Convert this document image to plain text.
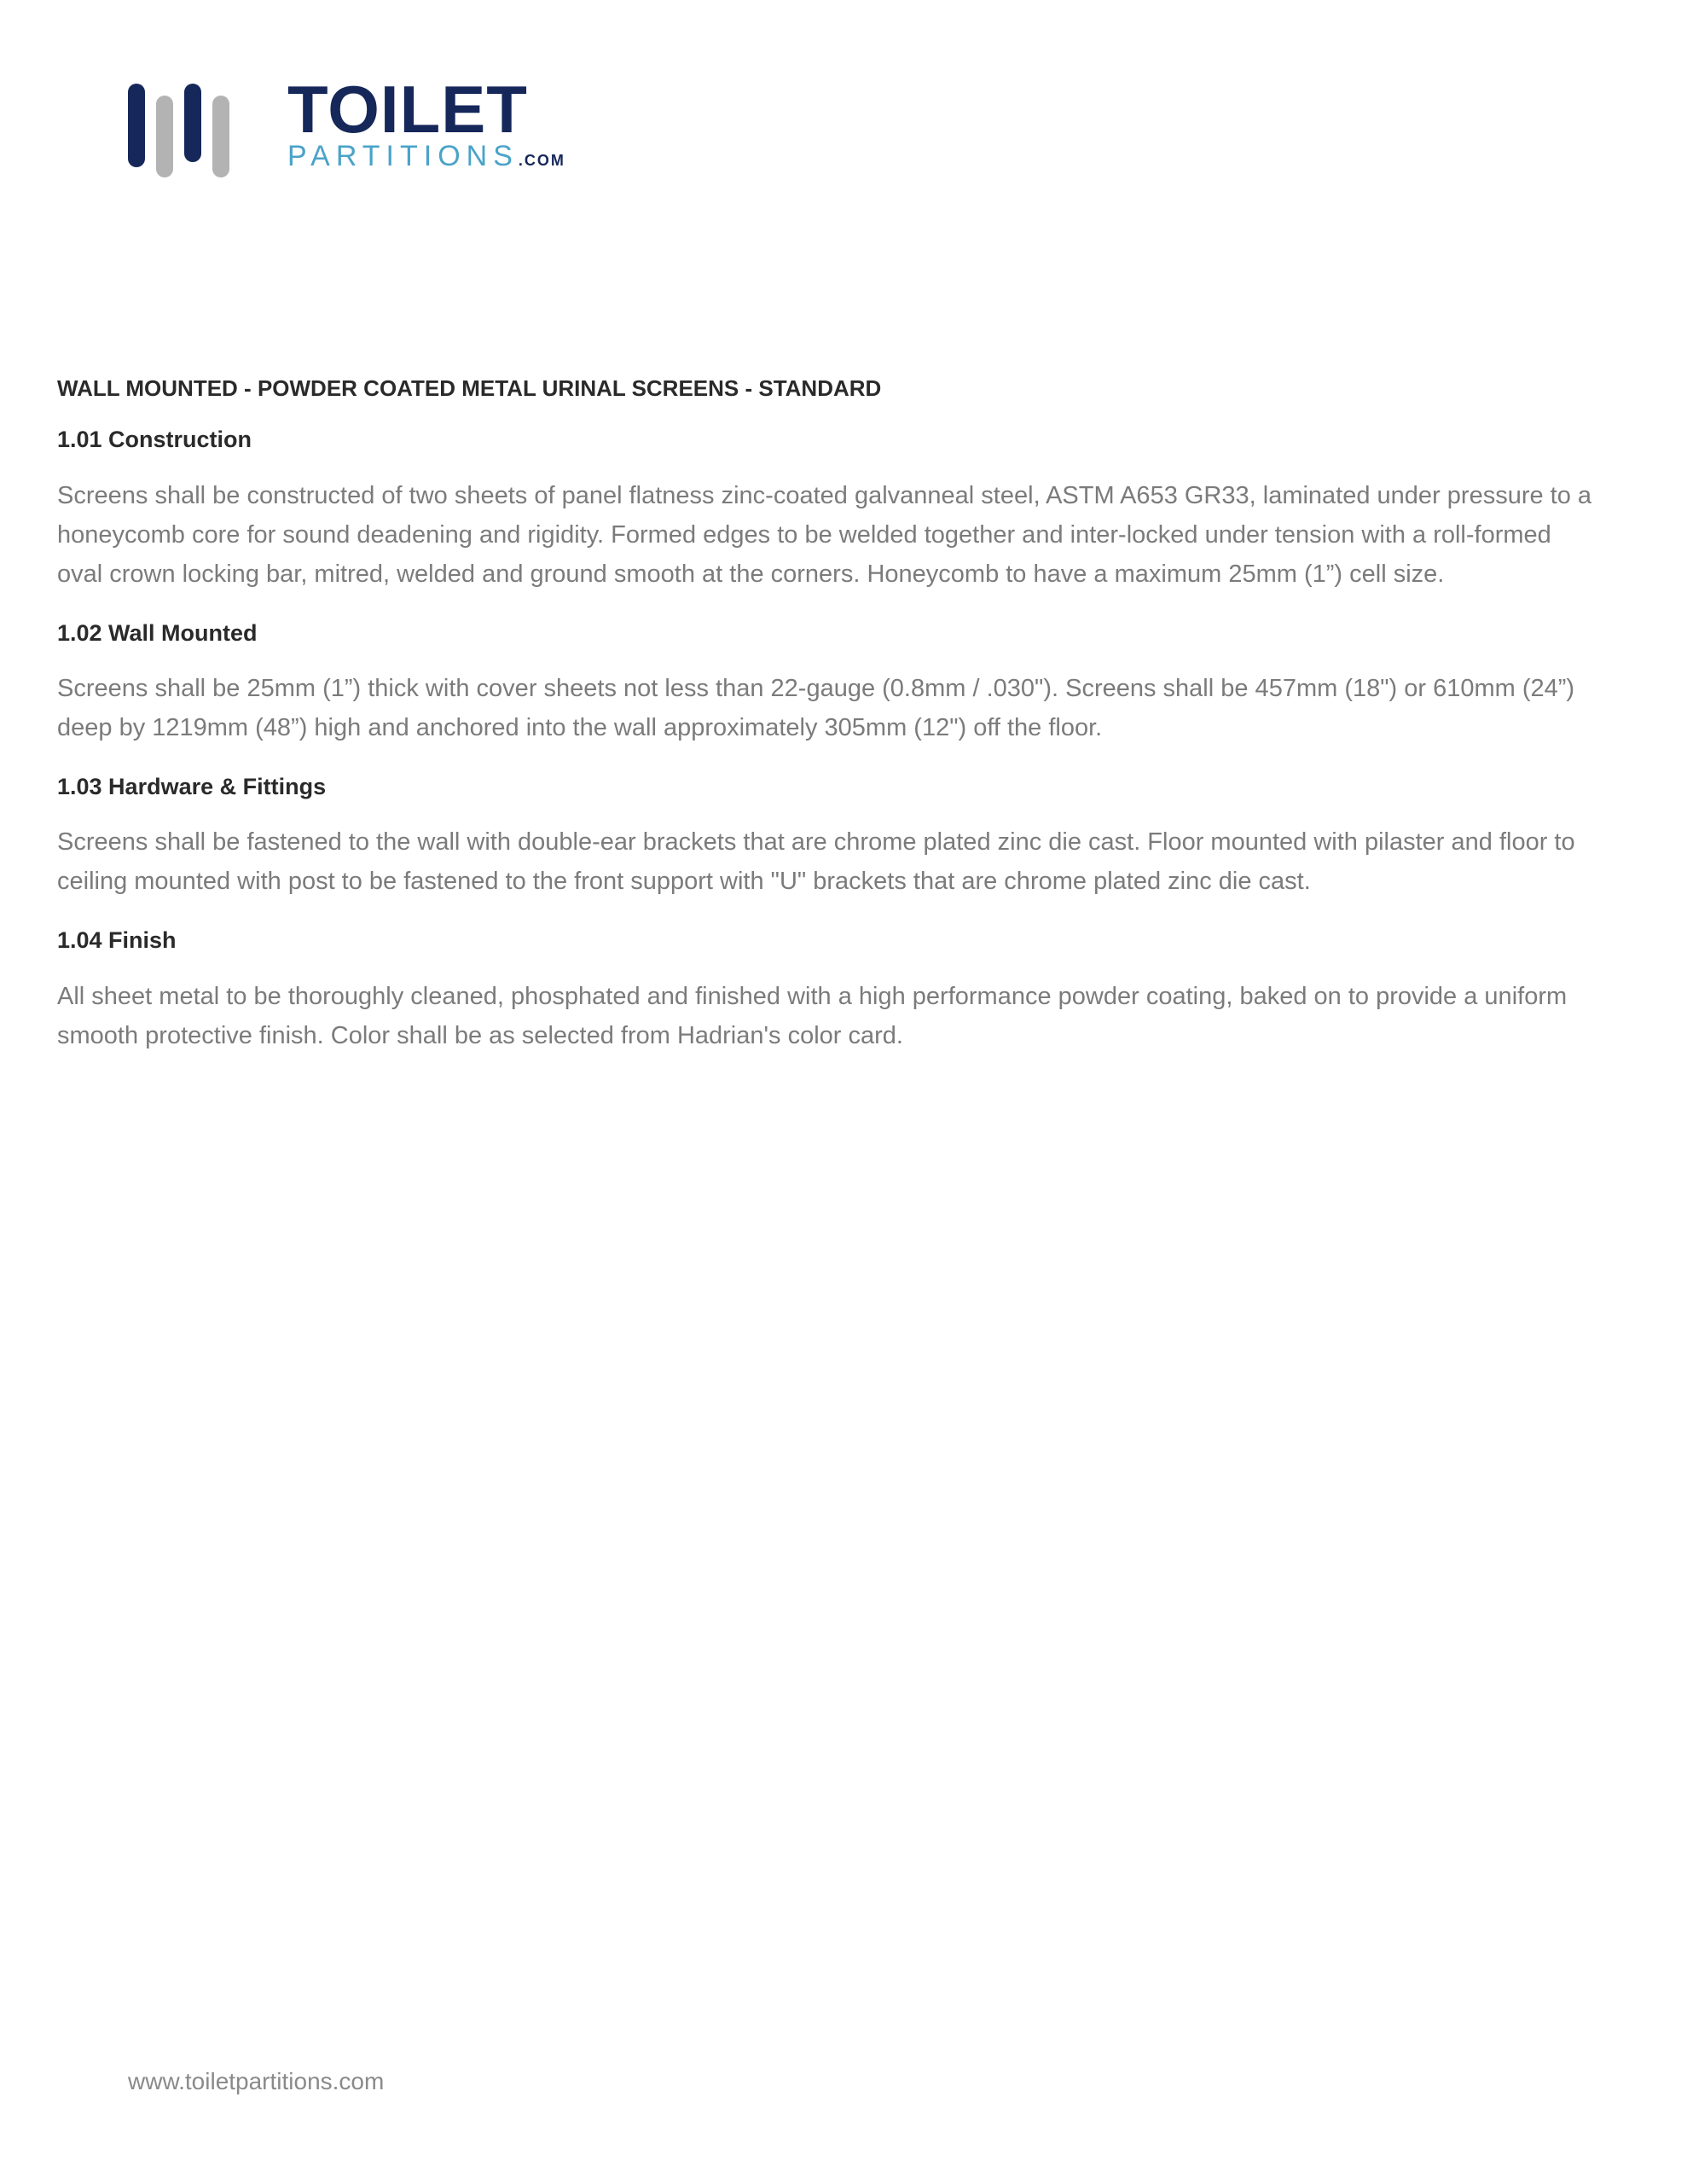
TOILET
PARTITIONS.COM
WALL MOUNTED - POWDER COATED METAL URINAL SCREENS - STANDARD
1.01 Construction
Screens shall be constructed of two sheets of panel flatness zinc-coated galvanneal steel, ASTM A653 GR33, laminated under pressure to a honeycomb core for sound deadening and rigidity. Formed edges to be welded together and inter-locked under tension with a roll-formed oval crown locking bar, mitred, welded and ground smooth at the corners. Honeycomb to have a maximum 25mm (1”) cell size.
1.02 Wall Mounted
Screens shall be 25mm (1”) thick with cover sheets not less than 22-gauge (0.8mm / .030"). Screens shall be 457mm (18") or 610mm (24”) deep by 1219mm (48”) high and anchored into the wall approximately 305mm (12") off the floor.
1.03 Hardware & Fittings
Screens shall be fastened to the wall with double-ear brackets that are chrome plated zinc die cast. Floor mounted with pilaster and floor to ceiling mounted with post to be fastened to the front support with "U" brackets that are chrome plated zinc die cast.
1.04 Finish
All sheet metal to be thoroughly cleaned, phosphated and finished with a high performance powder coating, baked on to provide a uniform smooth protective finish. Color shall be as selected from Hadrian's color card.
www.toiletpartitions.com
